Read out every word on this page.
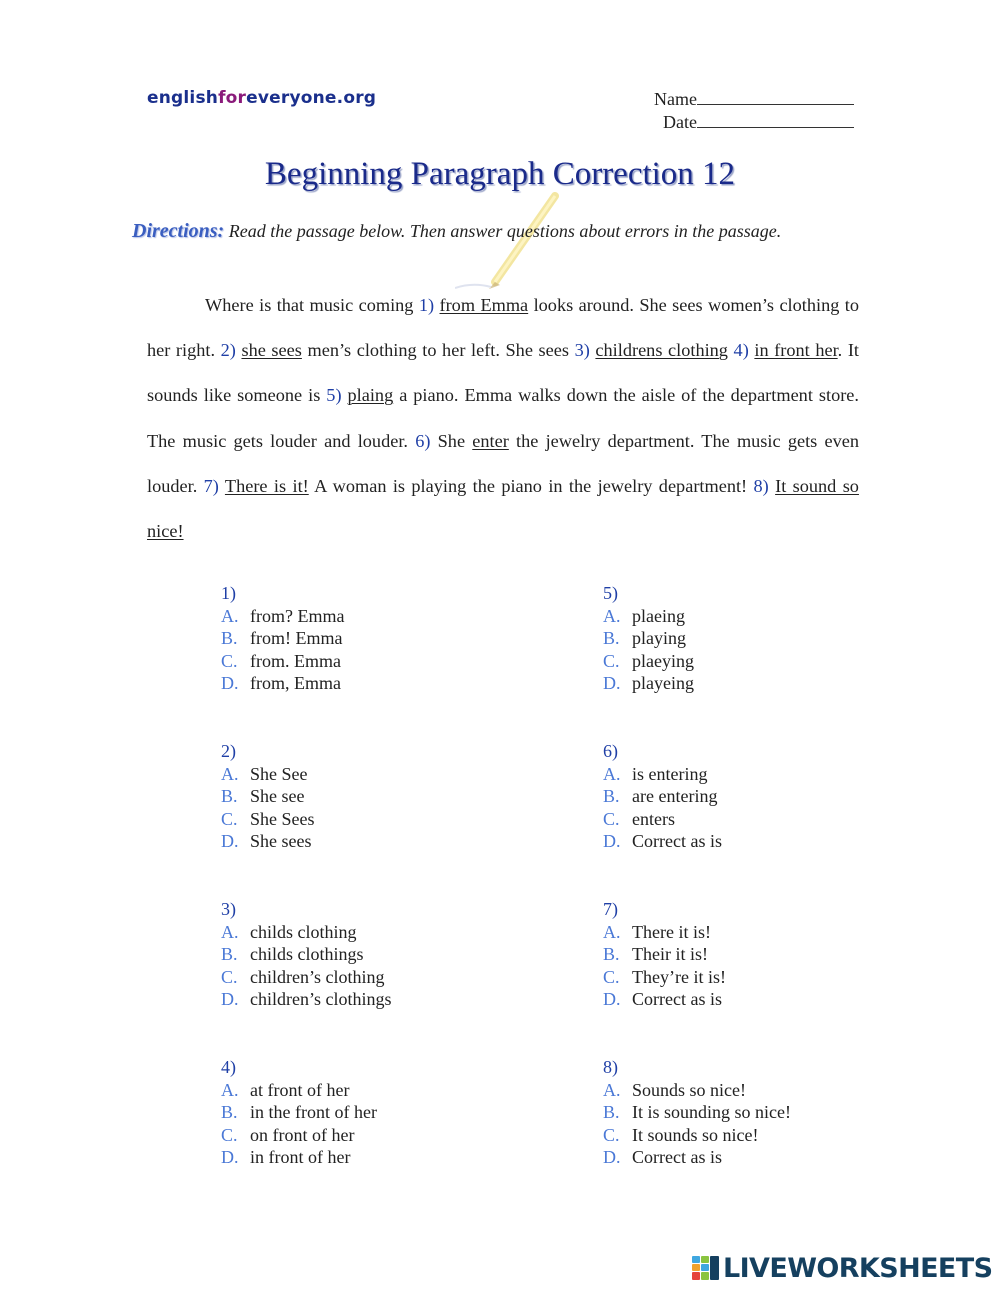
englishforeveryone.org	Name
Date
Beginning Paragraph Correction 12
Directions: Read the passage below. Then answer questions about errors in the passage.
Where is that music coming 1) from Emma looks around. She sees women’s clothing to her right. 2) she sees men’s clothing to her left. She sees 3) childrens clothing 4) in front her. It sounds like someone is 5) plaing a piano. Emma walks down the aisle of the department store. The music gets louder and louder. 6) She enter the jewelry department. The music gets even louder. 7) There is it! A woman is playing the piano in the jewelry department! 8) It sound so nice!
1)
A. from? Emma
B. from! Emma
C. from. Emma
D. from, Emma
2)
A. She See
B. She see
C. She Sees
D. She sees
3)
A. childs clothing
B. childs clothings
C. children’s clothing
D. children’s clothings
4)
A. at front of her
B. in the front of her
C. on front of her
D. in front of her
5)
A. plaeing
B. playing
C. plaeying
D. playeing
6)
A. is entering
B. are entering
C. enters
D. Correct as is
7)
A. There it is!
B. Their it is!
C. They’re it is!
D. Correct as is
8)
A. Sounds so nice!
B. It is sounding so nice!
C. It sounds so nice!
D. Correct as is
LIVEWORKSHEETS
